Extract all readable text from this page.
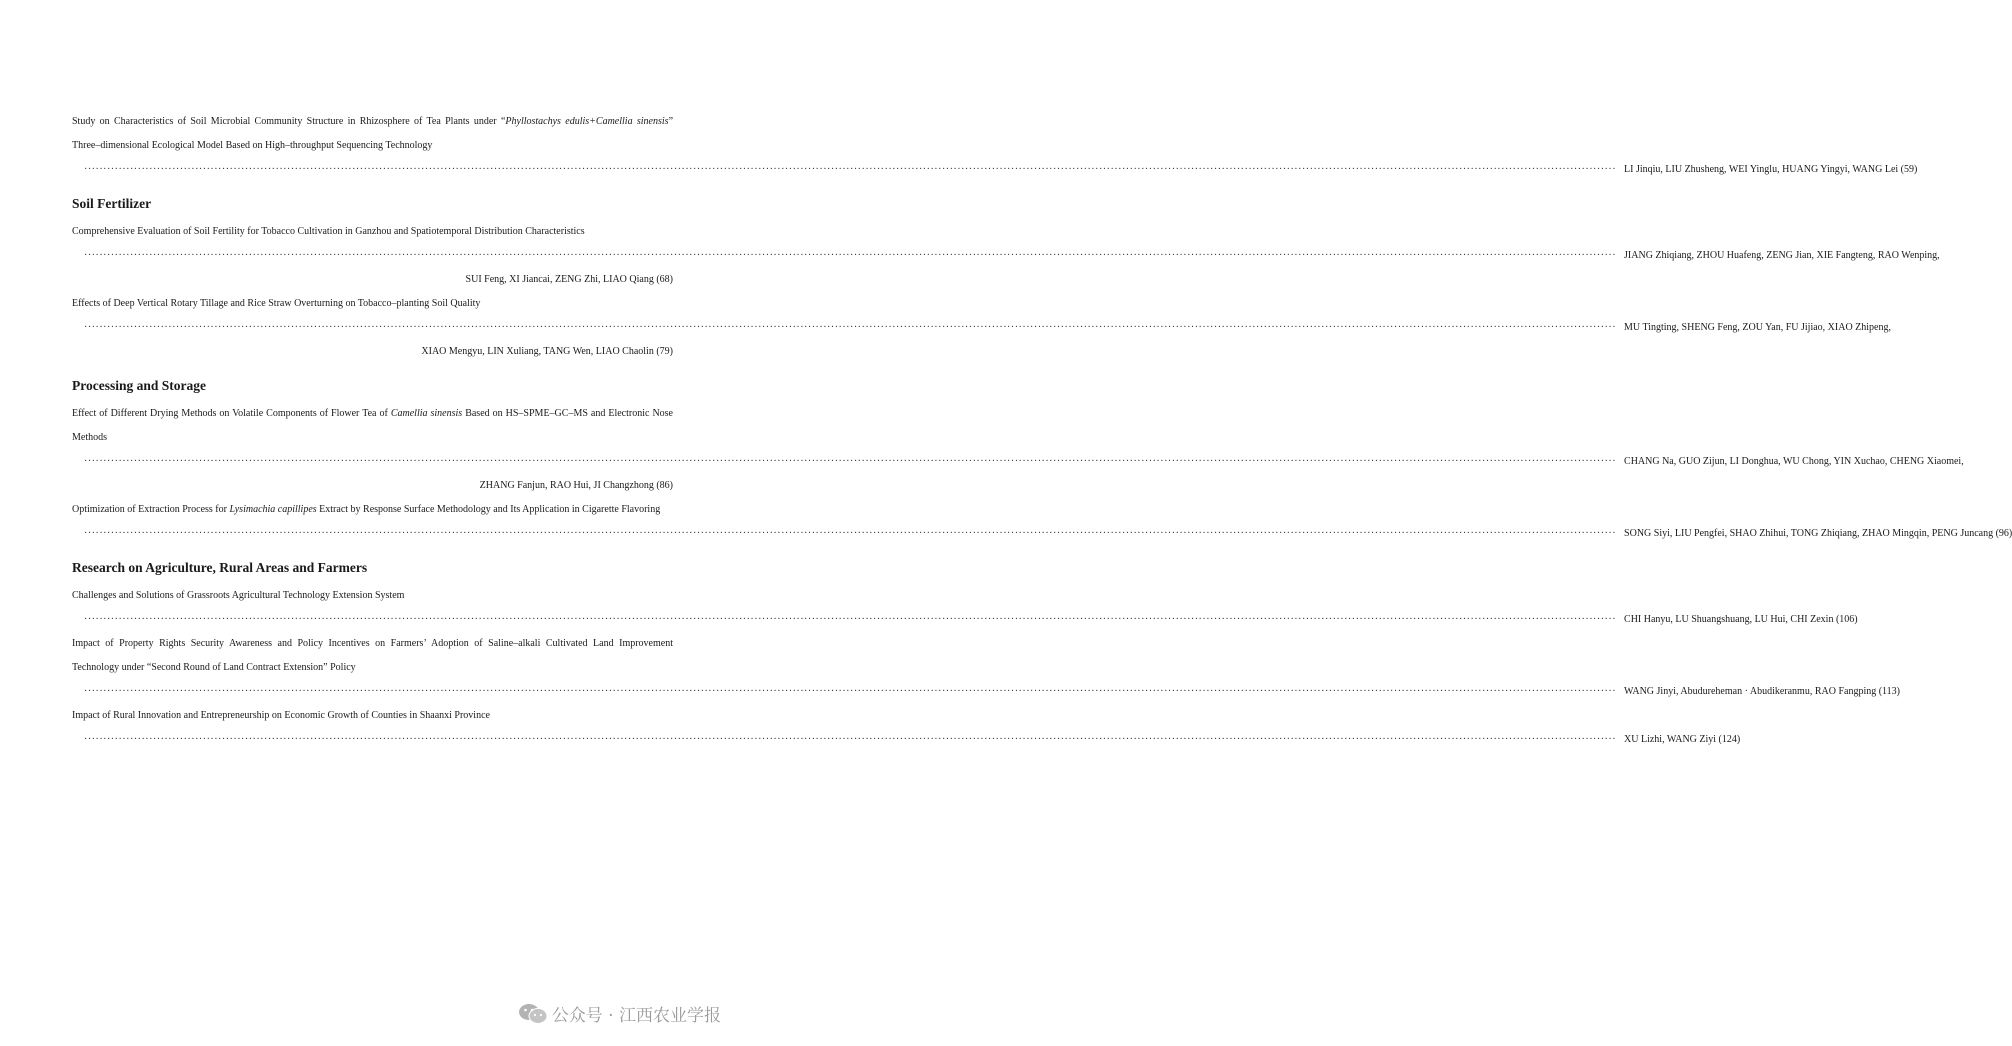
Study on Characteristics of Soil Microbial Community Structure in Rhizosphere of Tea Plants under “Phyllostachys edulis+Camellia sinensis” Three–dimensional Ecological Model Based on High–throughput Sequencing Technology
················································································································································································································································································································································································································ LI Jinqiu, LIU Zhusheng, WEI Yinglu, HUANG Yingyi, WANG Lei (59)
Soil Fertilizer
Comprehensive Evaluation of Soil Fertility for Tobacco Cultivation in Ganzhou and Spatiotemporal Distribution Characteristics
················································································································································································································································································································································································································ JIANG Zhiqiang, ZHOU Huafeng, ZENG Jian, XIE Fangteng, RAO Wenping,
SUI Feng, XI Jiancai, ZENG Zhi, LIAO Qiang (68)
Effects of Deep Vertical Rotary Tillage and Rice Straw Overturning on Tobacco–planting Soil Quality
················································································································································································································································································································································································································ MU Tingting, SHENG Feng, ZOU Yan, FU Jijiao, XIAO Zhipeng,
XIAO Mengyu, LIN Xuliang, TANG Wen, LIAO Chaolin (79)
Processing and Storage
Effect of Different Drying Methods on Volatile Components of Flower Tea of Camellia sinensis Based on HS–SPME–GC–MS and Electronic Nose Methods
················································································································································································································································································································································································································ CHANG Na, GUO Zijun, LI Donghua, WU Chong, YIN Xuchao, CHENG Xiaomei,
ZHANG Fanjun, RAO Hui, JI Changzhong (86)
Optimization of Extraction Process for Lysimachia capillipes Extract by Response Surface Methodology and Its Application in Cigarette Flavoring
················································································································································································································································································································································································································ SONG Siyi, LIU Pengfei, SHAO Zhihui, TONG Zhiqiang, ZHAO Mingqin, PENG Juncang (96)
Research on Agriculture, Rural Areas and Farmers
Challenges and Solutions of Grassroots Agricultural Technology Extension System
················································································································································································································································································································································································································ CHI Hanyu, LU Shuangshuang, LU Hui, CHI Zexin (106)
Impact of Property Rights Security Awareness and Policy Incentives on Farmers’ Adoption of Saline–alkali Cultivated Land Improvement Technology under “Second Round of Land Contract Extension” Policy
················································································································································································································································································································································································································ WANG Jinyi, Abudureheman · Abudikeranmu, RAO Fangping (113)
Impact of Rural Innovation and Entrepreneurship on Economic Growth of Counties in Shaanxi Province
················································································································································································································································································································································································································ XU Lizhi, WANG Ziyi (124)
公众号 · 江西农业学报
